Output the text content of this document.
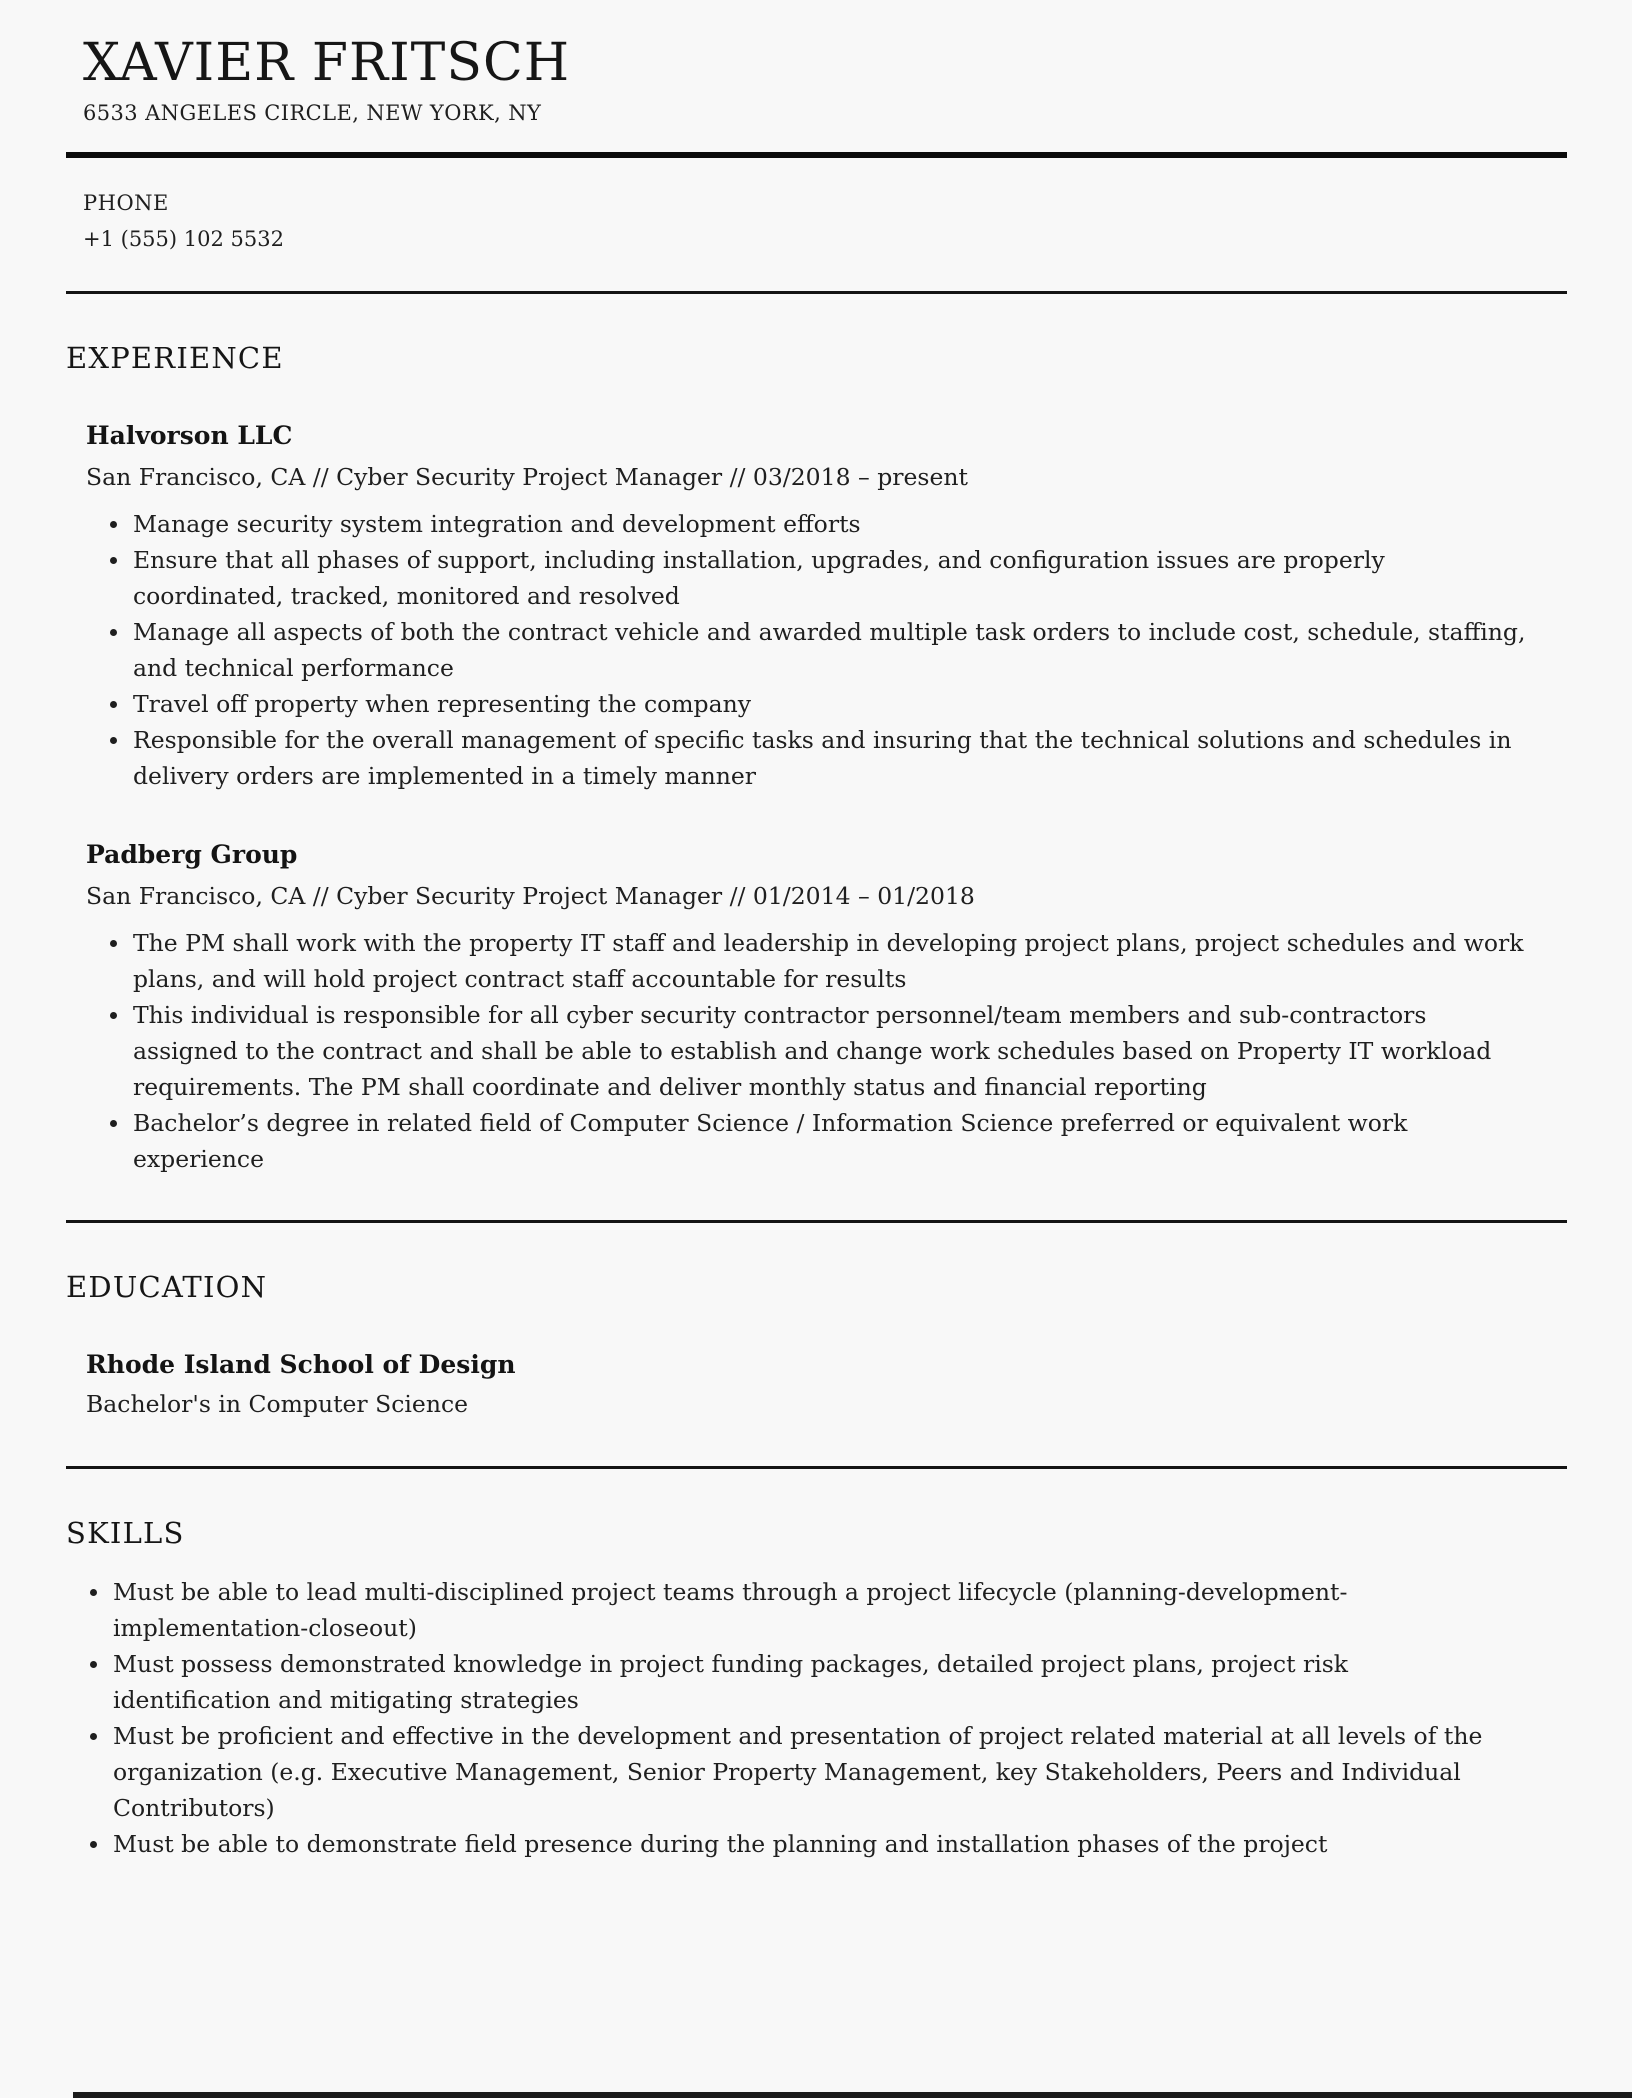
XAVIER FRITSCH
6533 ANGELES CIRCLE, NEW YORK, NY
PHONE
+1 (555) 102 5532
EXPERIENCE
Halvorson LLC
San Francisco, CA // Cyber Security Project Manager // 03/2018 – present
Manage security system integration and development efforts
Ensure that all phases of support, including installation, upgrades, and configuration issues are properly coordinated, tracked, monitored and resolved
Manage all aspects of both the contract vehicle and awarded multiple task orders to include cost, schedule, staffing, and technical performance
Travel off property when representing the company
Responsible for the overall management of specific tasks and insuring that the technical solutions and schedules in delivery orders are implemented in a timely manner
Padberg Group
San Francisco, CA // Cyber Security Project Manager // 01/2014 – 01/2018
The PM shall work with the property IT staff and leadership in developing project plans, project schedules and work plans, and will hold project contract staff accountable for results
This individual is responsible for all cyber security contractor personnel/team members and sub-contractors assigned to the contract and shall be able to establish and change work schedules based on Property IT workload requirements. The PM shall coordinate and deliver monthly status and financial reporting
Bachelor’s degree in related field of Computer Science / Information Science preferred or equivalent work experience
EDUCATION
Rhode Island School of Design
Bachelor's in Computer Science
SKILLS
Must be able to lead multi-disciplined project teams through a project lifecycle (planning-development-implementation-closeout)
Must possess demonstrated knowledge in project funding packages, detailed project plans, project risk identification and mitigating strategies
Must be proficient and effective in the development and presentation of project related material at all levels of the organization (e.g. Executive Management, Senior Property Management, key Stakeholders, Peers and Individual Contributors)
Must be able to demonstrate field presence during the planning and installation phases of the project
